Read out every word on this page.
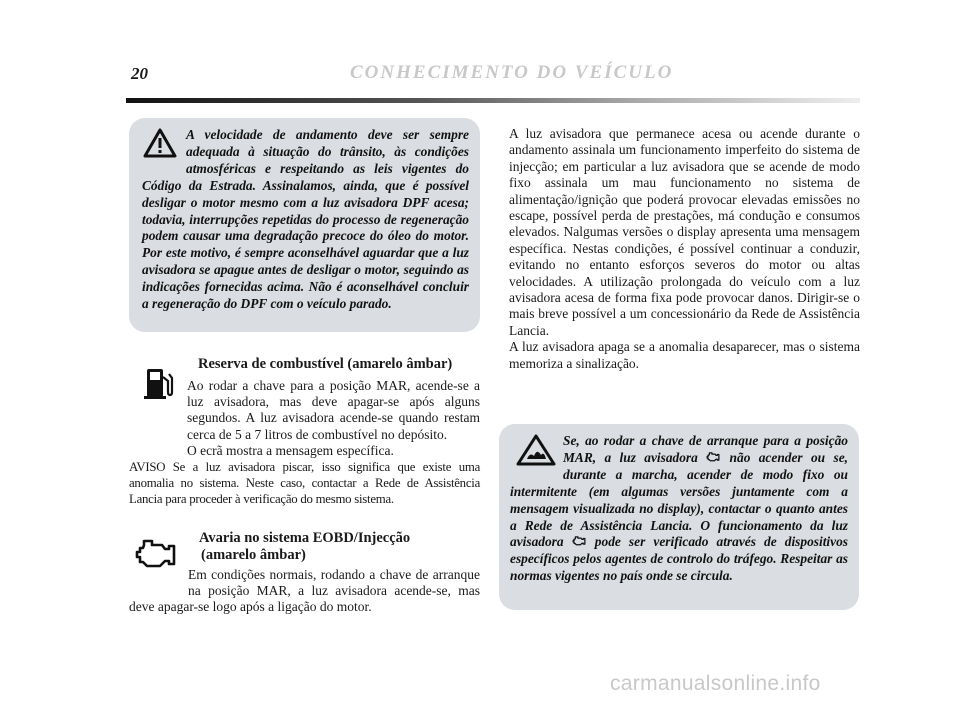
20	CONHECIMENTO DO VEÍCULO

A velocidade de andamento deve ser sempre adequada à situação do trânsito, às condições atmosféricas e respeitando as leis vigentes do Código da Estrada. Assinalamos, ainda, que é possível desligar o motor mesmo com a luz avisadora DPF acesa; todavia, interrupções repetidas do processo de regeneração podem causar uma degradação precoce do óleo do motor. Por este motivo, é sempre aconselhável aguardar que a luz avisadora se apague antes de desligar o motor, seguindo as indicações fornecidas acima. Não é aconselhável concluir a regeneração do DPF com o veículo parado.

Reserva de combustível (amarelo âmbar)

Ao rodar a chave para a posição MAR, acende-se a luz avisadora, mas deve apagar-se após alguns segundos. A luz avisadora acende-se quando restam cerca de 5 a 7 litros de combustível no depósito.

O ecrã mostra a mensagem específica.

AVISO Se a luz avisadora piscar, isso significa que existe uma anomalia no sistema. Neste caso, contactar a Rede de Assistência Lancia para proceder à verificação do mesmo sistema.

Avaria no sistema EOBD/Injecção
(amarelo âmbar)

Em condições normais, rodando a chave de arranque na posição MAR, a luz avisadora acende-se, mas deve apagar-se logo após a ligação do motor.

A luz avisadora que permanece acesa ou acende durante o andamento assinala um funcionamento imperfeito do sistema de injecção; em particular a luz avisadora que se acende de modo fixo assinala um mau funcionamento no sistema de alimentação/ignição que poderá provocar elevadas emissões no escape, possível perda de prestações, má condução e consumos elevados. Nalgumas versões o display apresenta uma mensagem específica. Nestas condições, é possível continuar a conduzir, evitando no entanto esforços severos do motor ou altas velocidades. A utilização prolongada do veículo com a luz avisadora acesa de forma fixa pode provocar danos. Dirigir-se o mais breve possível a um concessionário da Rede de Assistência Lancia.

A luz avisadora apaga se a anomalia desaparecer, mas o sistema memoriza a sinalização.

Se, ao rodar a chave de arranque para a posição MAR, a luz avisadora não acender ou se, durante a marcha, acender de modo fixo ou intermitente (em algumas versões juntamente com a mensagem visualizada no display), contactar o quanto antes a Rede de Assistência Lancia. O funcionamento da luz avisadora pode ser verificado através de dispositivos específicos pelos agentes de controlo do tráfego. Respeitar as normas vigentes no país onde se circula.

carmanualsonline.info
